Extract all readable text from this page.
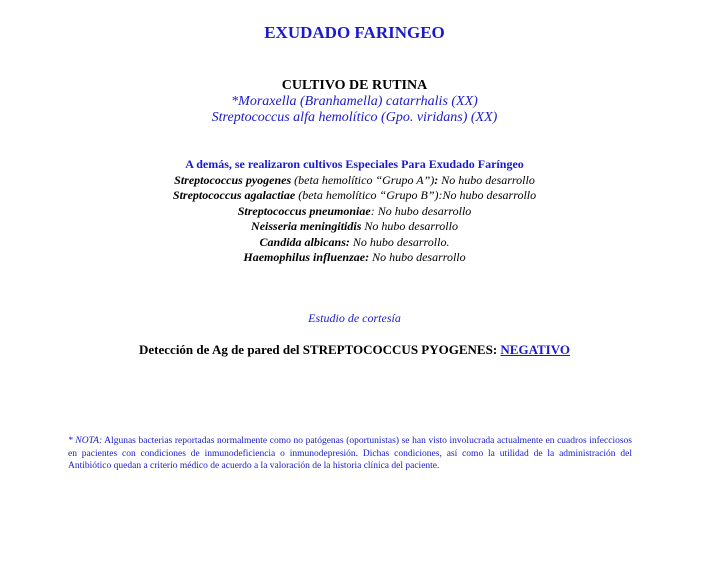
EXUDADO FARINGEO
CULTIVO DE RUTINA
*Moraxella (Branhamella) catarrhalis (XX)
Streptococcus alfa hemolítico (Gpo. viridans) (XX)
A demás, se realizaron cultivos Especiales Para Exudado Faríngeo
Streptococcus pyogenes (beta hemolítico “Grupo A”): No hubo desarrollo
Streptococcus agalactiae (beta hemolítico “Grupo B”):No hubo desarrollo
Streptococcus pneumoniae: No hubo desarrollo
Neisseria meningitidis No hubo desarrollo
Candida albicans: No hubo desarrollo.
Haemophilus influenzae: No hubo desarrollo
Estudio de cortesía
Detección de Ag de pared del STREPTOCOCCUS PYOGENES: NEGATIVO
* NOTA: Algunas bacterias reportadas normalmente como no patógenas (oportunistas) se han visto involucrada actualmente en cuadros infecciosos en pacientes con condiciones de inmunodeficiencia o inmunodepresión. Dichas condiciones, así como la utilidad de la administración del Antibiótico quedan a criterio médico de acuerdo a la valoración de la historia clínica del paciente.
